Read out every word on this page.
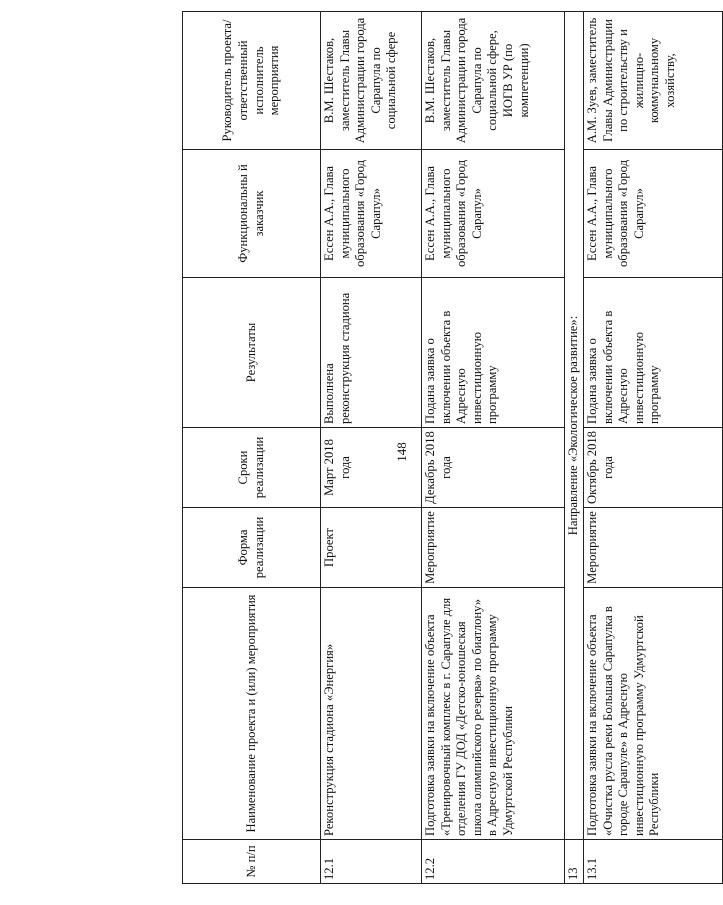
148
№ п/п	Наименование проекта и (или) мероприятия	Форма реализации	Сроки реализации	Результаты	Функциональны й заказчик	Руководитель проекта/ ответственный исполнитель мероприятия
12.1	Реконструкция стадиона «Энергия»	Проект	Март 2018 года	Выполнена реконструкция стадиона	Ессен А.А., Глава муниципального образования «Город Сарапул»	В.М. Шестаков, заместитель Главы Администрации города Сарапула по социальной сфере
12.2	Подготовка заявки на включение объекта «Тренировочный комплекс в г. Сарапуле для отделения ГУ ДОД «Детско-юношеская школа олимпийского резерва» по биатлону» в Адресную инвестиционную программу Удмуртской Республики	Мероприятие	Декабрь 2018 года	Подана заявка о включении объекта в Адресную инвестиционную программу	Ессен А.А., Глава муниципального образования «Город Сарапул»	В.М. Шестаков, заместитель Главы Администрации города Сарапула по социальной сфере, ИОГВ УР (по компетенции)
13	Направление «Экологическое развитие»:					
13.1	Подготовка заявки на включение объекта «Очистка русла реки Большая Сарапулка в городе Сарапуле» в Адресную инвестиционную программу Удмуртской Республики	Мероприятие	Октябрь 2018 года	Подана заявка о включении объекта в Адресную инвестиционную программу	Ессен А.А., Глава муниципального образования «Город Сарапул»	А.М. Зуев, заместитель Главы Администрации по строительству и жилищно-коммунальному хозяйству,
